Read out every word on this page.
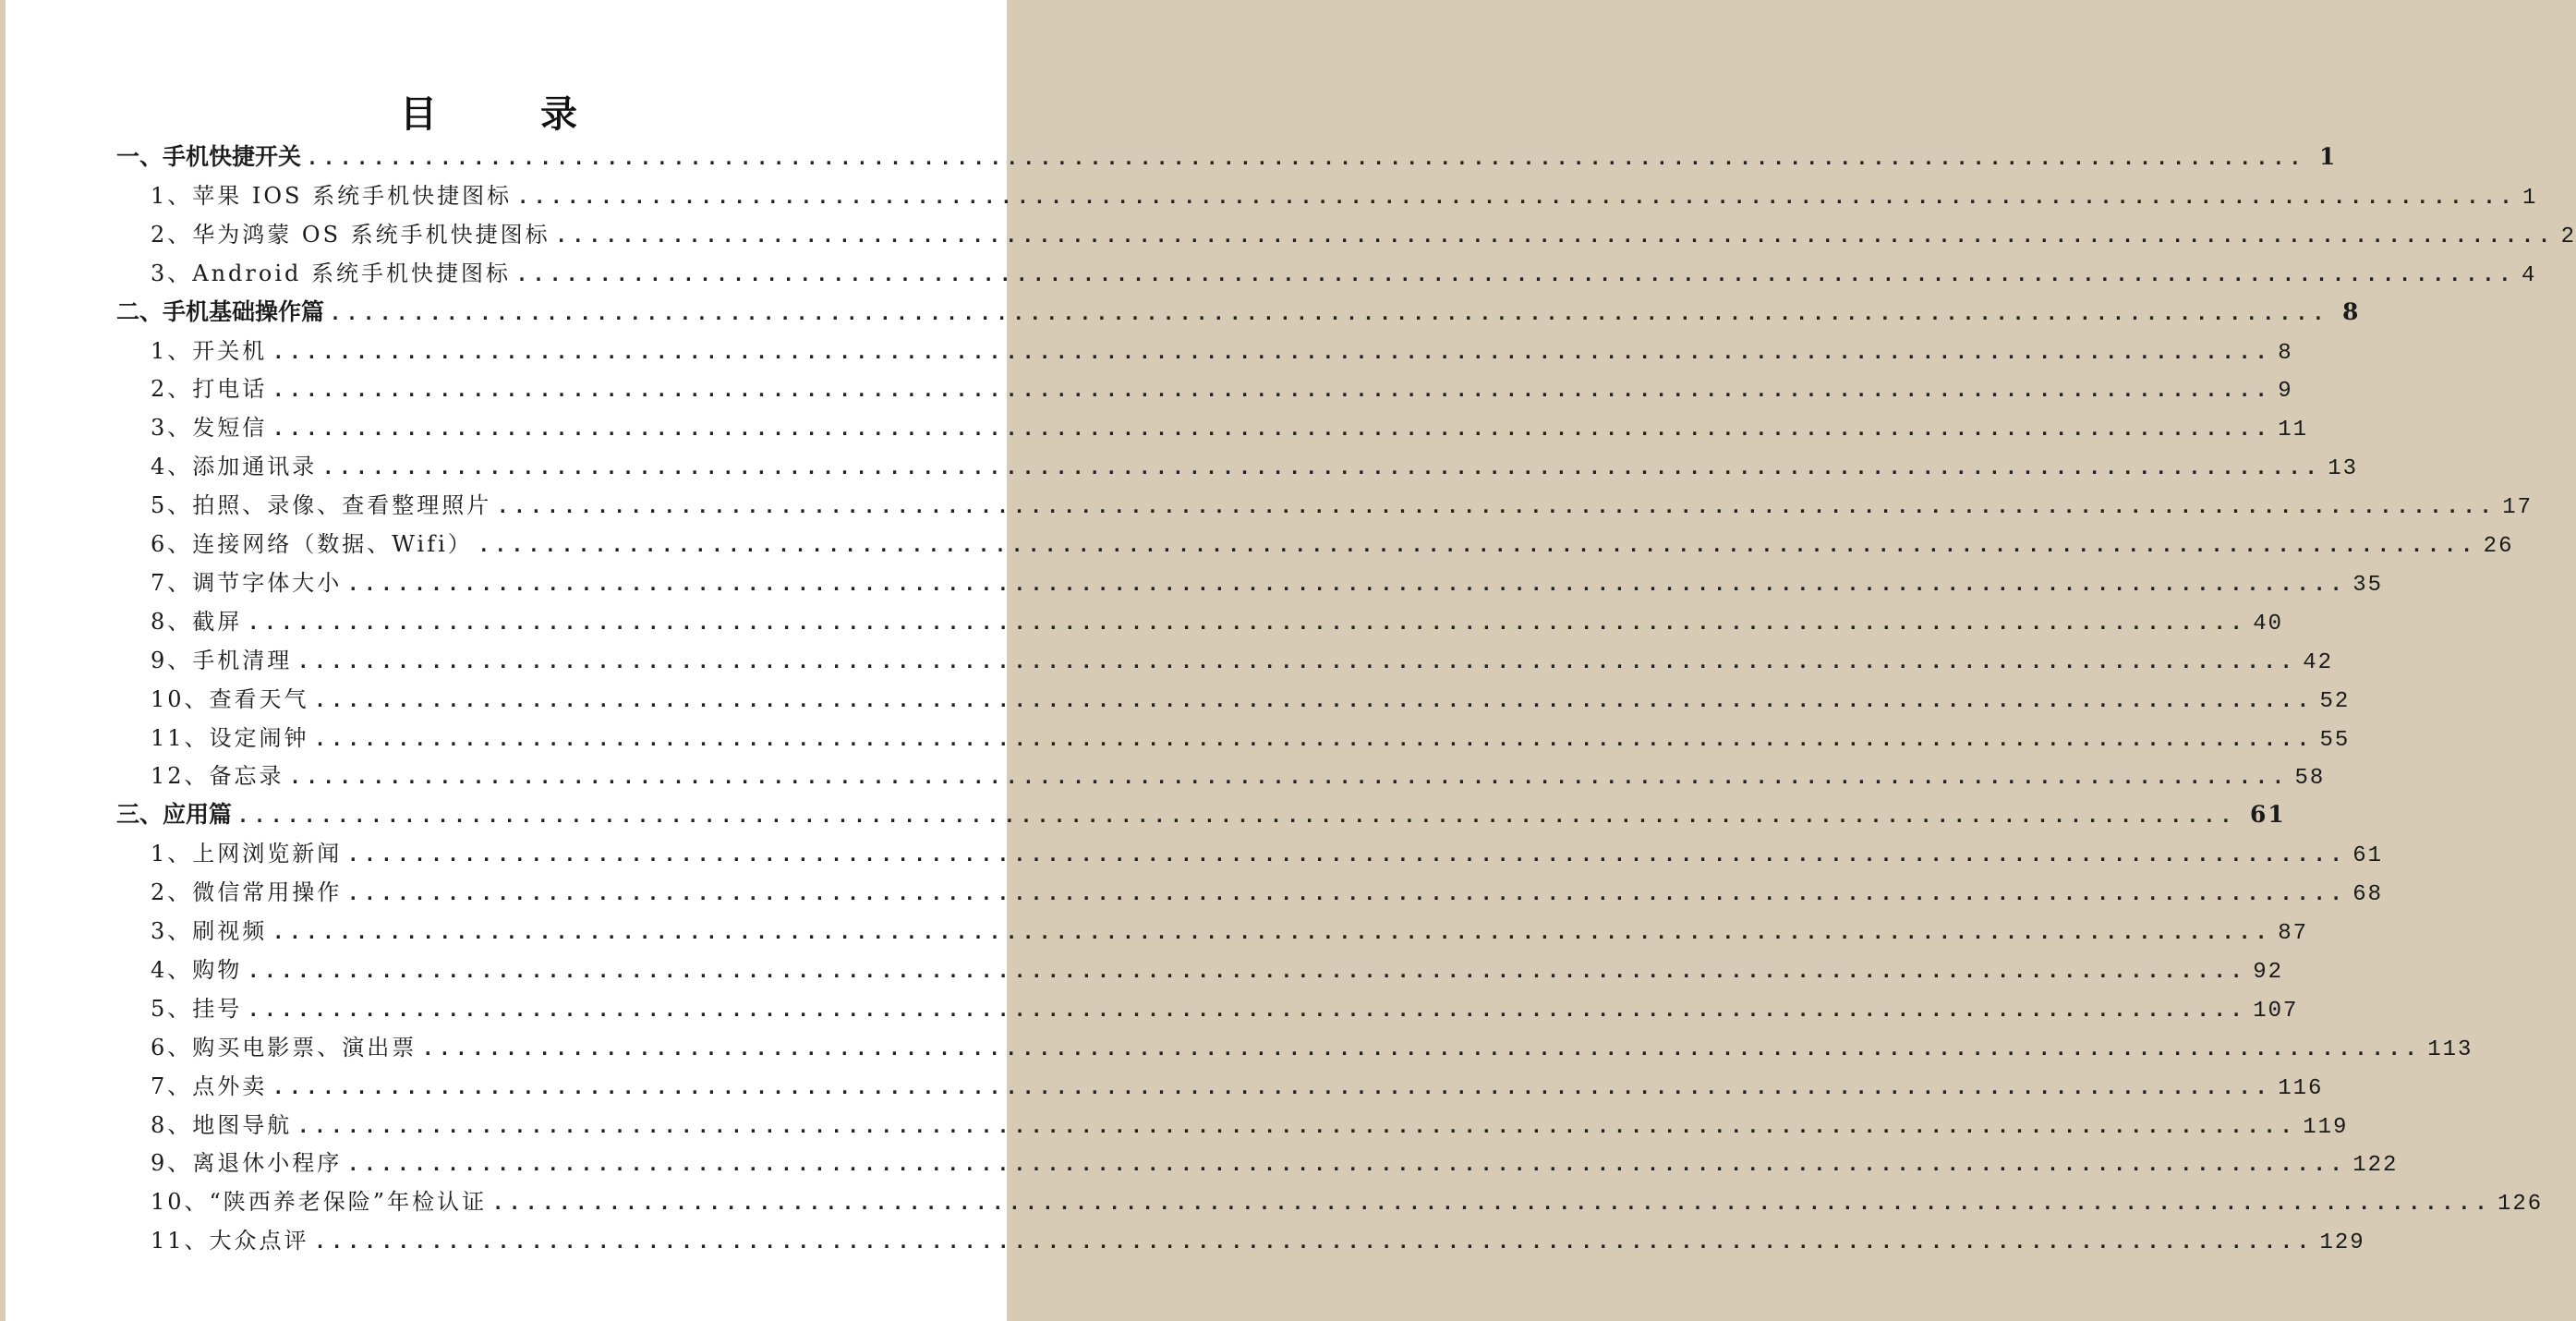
目　录
一、手机快捷开关 ........................................................................................................................ 1
1、苹果 IOS 系统手机快捷图标 ........................................................................................................................ 1
2、华为鸿蒙 OS 系统手机快捷图标 ........................................................................................................................ 2
3、Android 系统手机快捷图标 ........................................................................................................................ 4
二、手机基础操作篇 ........................................................................................................................ 8
1、开关机 ........................................................................................................................ 8
2、打电话 ........................................................................................................................ 9
3、发短信 ........................................................................................................................ 11
4、添加通讯录 ........................................................................................................................ 13
5、拍照、录像、查看整理照片 ........................................................................................................................ 17
6、连接网络（数据、Wifi） ........................................................................................................................ 26
7、调节字体大小 ........................................................................................................................ 35
8、截屏 ........................................................................................................................ 40
9、手机清理 ........................................................................................................................ 42
10、查看天气 ........................................................................................................................ 52
11、设定闹钟 ........................................................................................................................ 55
12、备忘录 ........................................................................................................................ 58
三、应用篇 ........................................................................................................................ 61
1、上网浏览新闻 ........................................................................................................................ 61
2、微信常用操作 ........................................................................................................................ 68
3、刷视频 ........................................................................................................................ 87
4、购物 ........................................................................................................................ 92
5、挂号 ........................................................................................................................ 107
6、购买电影票、演出票 ........................................................................................................................ 113
7、点外卖 ........................................................................................................................ 116
8、地图导航 ........................................................................................................................ 119
9、离退休小程序 ........................................................................................................................ 122
10、“陕西养老保险”年检认证 ........................................................................................................................ 126
11、大众点评 ........................................................................................................................ 129
